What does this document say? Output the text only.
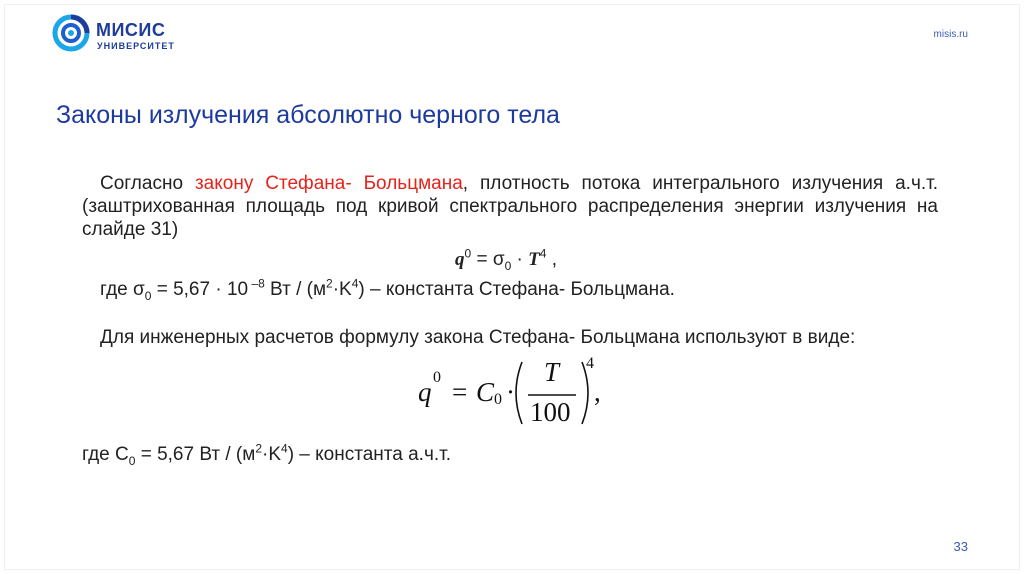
МИСИС
УНИВЕРСИТЕТ
misis.ru
Законы излучения абсолютно черного тела

Согласно закону Стефана- Больцмана, плотность потока интегрального излучения а.ч.т. (заштрихованная площадь под кривой спектрального распределения энергии излучения на слайде 31)

$q^0 = \sigma_0 \cdot T^4$ ,
где $\sigma_0 = 5,67 \cdot 10$ $^{-8}$ Вт / $(м^2\cdot K^4)$ – константа Стефана- Больцмана.

Для инженерных расчетов формулу закона Стефана- Больцмана используют в виде:

q 0 = C 0 ·
T
100
4
,
где $С_0 = 5,67$ Вт / $(м^2\cdot K^4)$ – константа а.ч.т.
33
